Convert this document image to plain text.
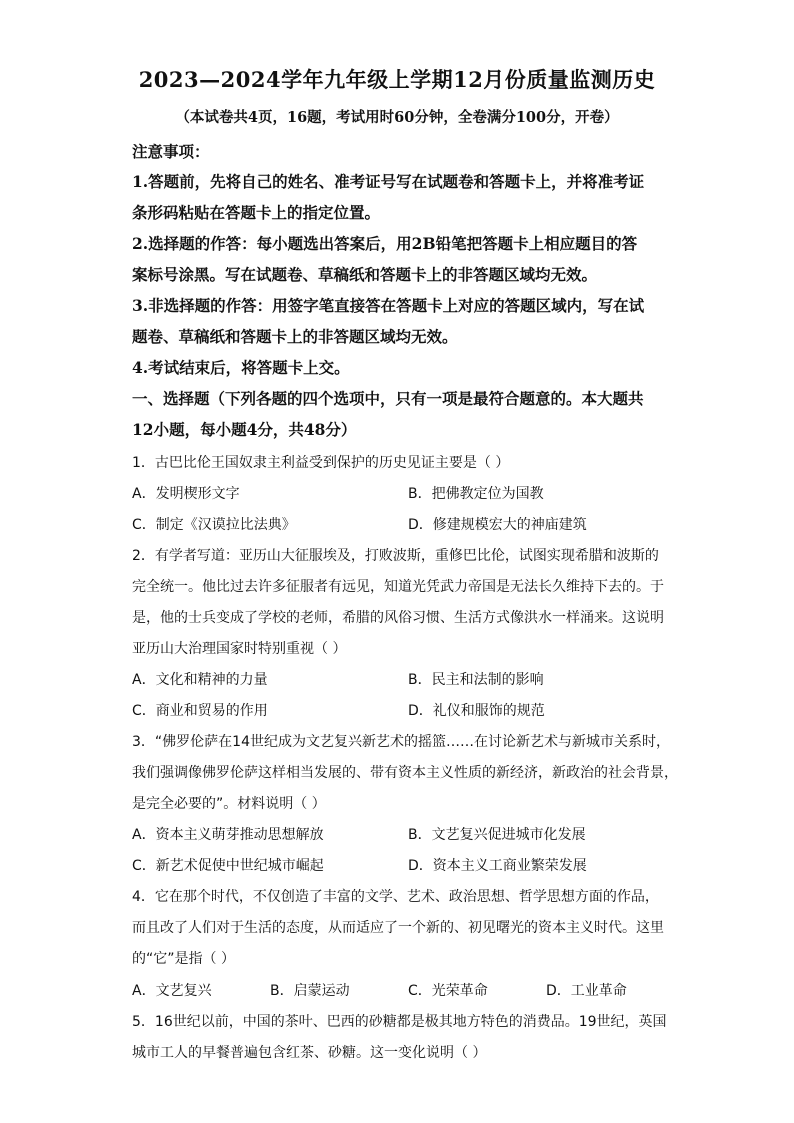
2023—2024学年九年级上学期12月份质量监测历史
（本试卷共4页，16题，考试用时60分钟，全卷满分100分，开卷）
注意事项：
1.答题前，先将自己的姓名、准考证号写在试题卷和答题卡上，并将准考证
条形码粘贴在答题卡上的指定位置。
2.选择题的作答：每小题选出答案后，用2B铅笔把答题卡上相应题目的答
案标号涂黑。写在试题卷、草稿纸和答题卡上的非答题区域均无效。
3.非选择题的作答：用签字笔直接答在答题卡上对应的答题区域内，写在试
题卷、草稿纸和答题卡上的非答题区域均无效。
4.考试结束后，将答题卡上交。
一、选择题（下列各题的四个选项中，只有一项是最符合题意的。本大题共
12小题，每小题4分，共48分）
1．古巴比伦王国奴隶主利益受到保护的历史见证主要是（ ）
A．发明楔形文字	B．把佛教定位为国教
C．制定《汉谟拉比法典》	D．修建规模宏大的神庙建筑
2．有学者写道：亚历山大征服埃及，打败波斯，重修巴比伦，试图实现希腊和波斯的
完全统一。他比过去许多征服者有远见，知道光凭武力帝国是无法长久维持下去的。于
是，他的士兵变成了学校的老师，希腊的风俗习惯、生活方式像洪水一样涌来。这说明
亚历山大治理国家时特别重视（ ）
A．文化和精神的力量	B．民主和法制的影响
C．商业和贸易的作用	D．礼仪和服饰的规范
3．“佛罗伦萨在14世纪成为文艺复兴新艺术的摇篮……在讨论新艺术与新城市关系时，
我们强调像佛罗伦萨这样相当发展的、带有资本主义性质的新经济，新政治的社会背景，
是完全必要的”。材料说明（ ）
A．资本主义萌芽推动思想解放	B．文艺复兴促进城市化发展
C．新艺术促使中世纪城市崛起	D．资本主义工商业繁荣发展
4．它在那个时代，不仅创造了丰富的文学、艺术、政治思想、哲学思想方面的作品，
而且改了人们对于生活的态度，从而适应了一个新的、初见曙光的资本主义时代。这里
的“它”是指（ ）
A．文艺复兴	B．启蒙运动	C．光荣革命	D．工业革命
5．16世纪以前，中国的茶叶、巴西的砂糖都是极其地方特色的消费品。19世纪，英国
城市工人的早餐普遍包含红茶、砂糖。这一变化说明（ ）
